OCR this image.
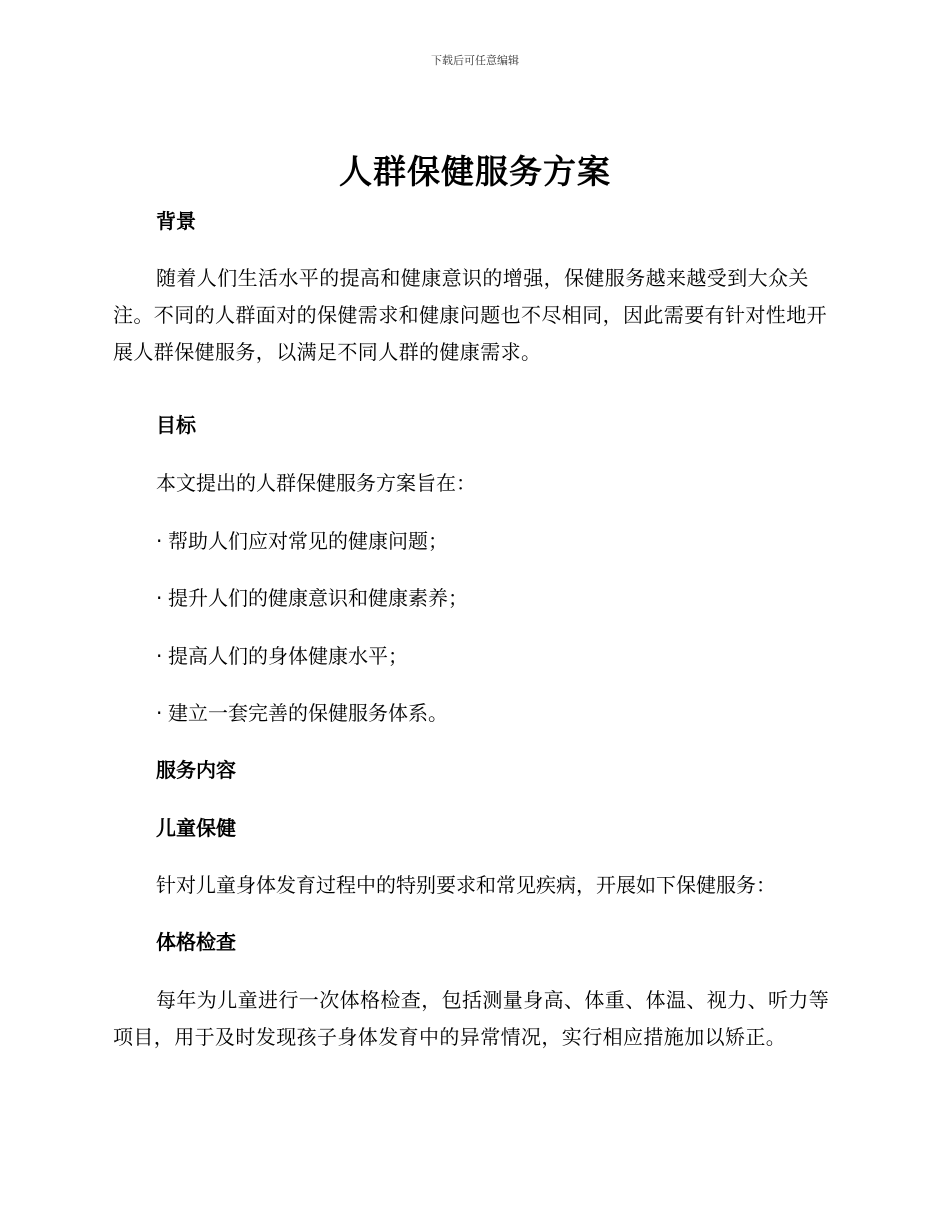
下载后可任意编辑
人群保健服务方案

背景

随着人们生活水平的提高和健康意识的增强，保健服务越来越受到大众关注。不同的人群面对的保健需求和健康问题也不尽相同，因此需要有针对性地开展人群保健服务，以满足不同人群的健康需求。

目标

本文提出的人群保健服务方案旨在：

· 帮助人们应对常见的健康问题；

· 提升人们的健康意识和健康素养；

· 提高人们的身体健康水平；

· 建立一套完善的保健服务体系。

服务内容

儿童保健

针对儿童身体发育过程中的特别要求和常见疾病，开展如下保健服务：

体格检查

每年为儿童进行一次体格检查，包括测量身高、体重、体温、视力、听力等项目，用于及时发现孩子身体发育中的异常情况，实行相应措施加以矫正。
